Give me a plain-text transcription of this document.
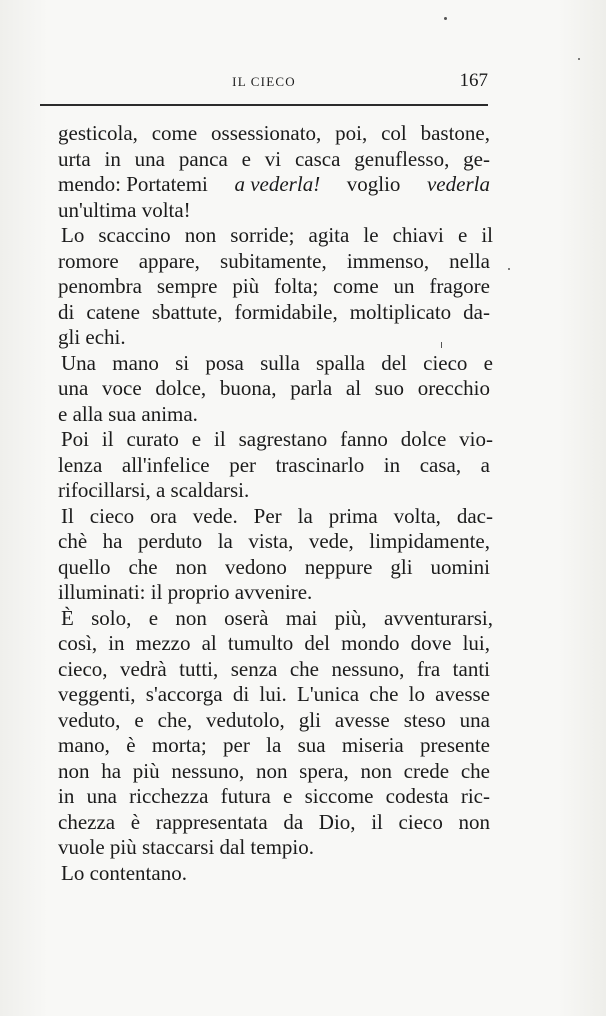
IL CIECO	167
gesticola, come ossessionato, poi, col bastone,
urta in una panca e vi casca genuflesso, ge-
mendo: Portatemi a vederla! voglio vederla
un'ultima volta!
Lo scaccino non sorride; agita le chiavi e il
romore appare, subitamente, immenso, nella
penombra sempre più folta; come un fragore
di catene sbattute, formidabile, moltiplicato da-
gli echi.
Una mano si posa sulla spalla del cieco e
una voce dolce, buona, parla al suo orecchio
e alla sua anima.
Poi il curato e il sagrestano fanno dolce vio-
lenza all'infelice per trascinarlo in casa, a
rifocillarsi, a scaldarsi.
Il cieco ora vede. Per la prima volta, dac-
chè ha perduto la vista, vede, limpidamente,
quello che non vedono neppure gli uomini
illuminati: il proprio avvenire.
È solo, e non oserà mai più, avventurarsi,
così, in mezzo al tumulto del mondo dove lui,
cieco, vedrà tutti, senza che nessuno, fra tanti
veggenti, s'accorga di lui. L'unica che lo avesse
veduto, e che, vedutolo, gli avesse steso una
mano, è morta; per la sua miseria presente
non ha più nessuno, non spera, non crede che
in una ricchezza futura e siccome codesta ric-
chezza è rappresentata da Dio, il cieco non
vuole più staccarsi dal tempio.
Lo contentano.
